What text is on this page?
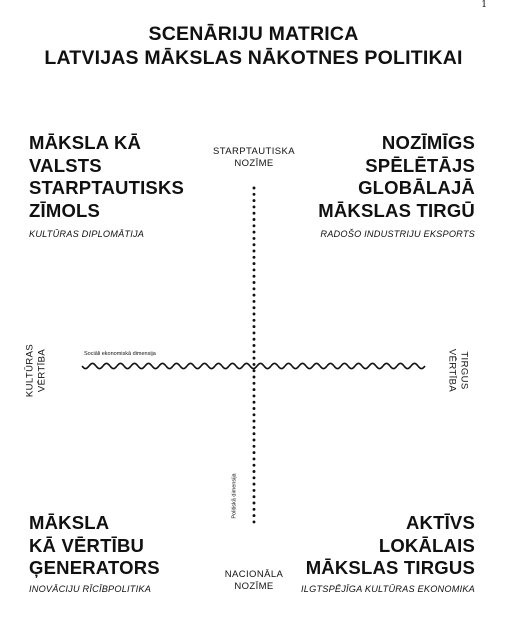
1
SCENĀRIJU MATRICA
LATVIJAS MĀKSLAS NĀKOTNES POLITIKAI
MĀKSLA KĀ
VALSTS
STARPTAUTISKS
ZĪMOLS
KULTŪRAS DIPLOMĀTIJA
NOZĪMĪGS
SPĒLĒTĀJS
GLOBĀLAJĀ
MĀKSLAS TIRGŪ
RADOŠO INDUSTRIJU EKSPORTS
MĀKSLA
KĀ VĒRTĪBU
ĢENERATORS
INOVĀCIJU RĪCĪBPOLITIKA
AKTĪVS
LOKĀLAIS
MĀKSLAS TIRGUS
ILGTSPĒJĪGA KULTŪRAS EKONOMIKA
STARPTAUTISKA
NOZĪME
NACIONĀLA
NOZĪME
KULTŪRAS VĒRTĪBA	TIRGUS
VĒRTĪBA
Sociāli ekonomiskā dimensija
Politiskā dimensija
